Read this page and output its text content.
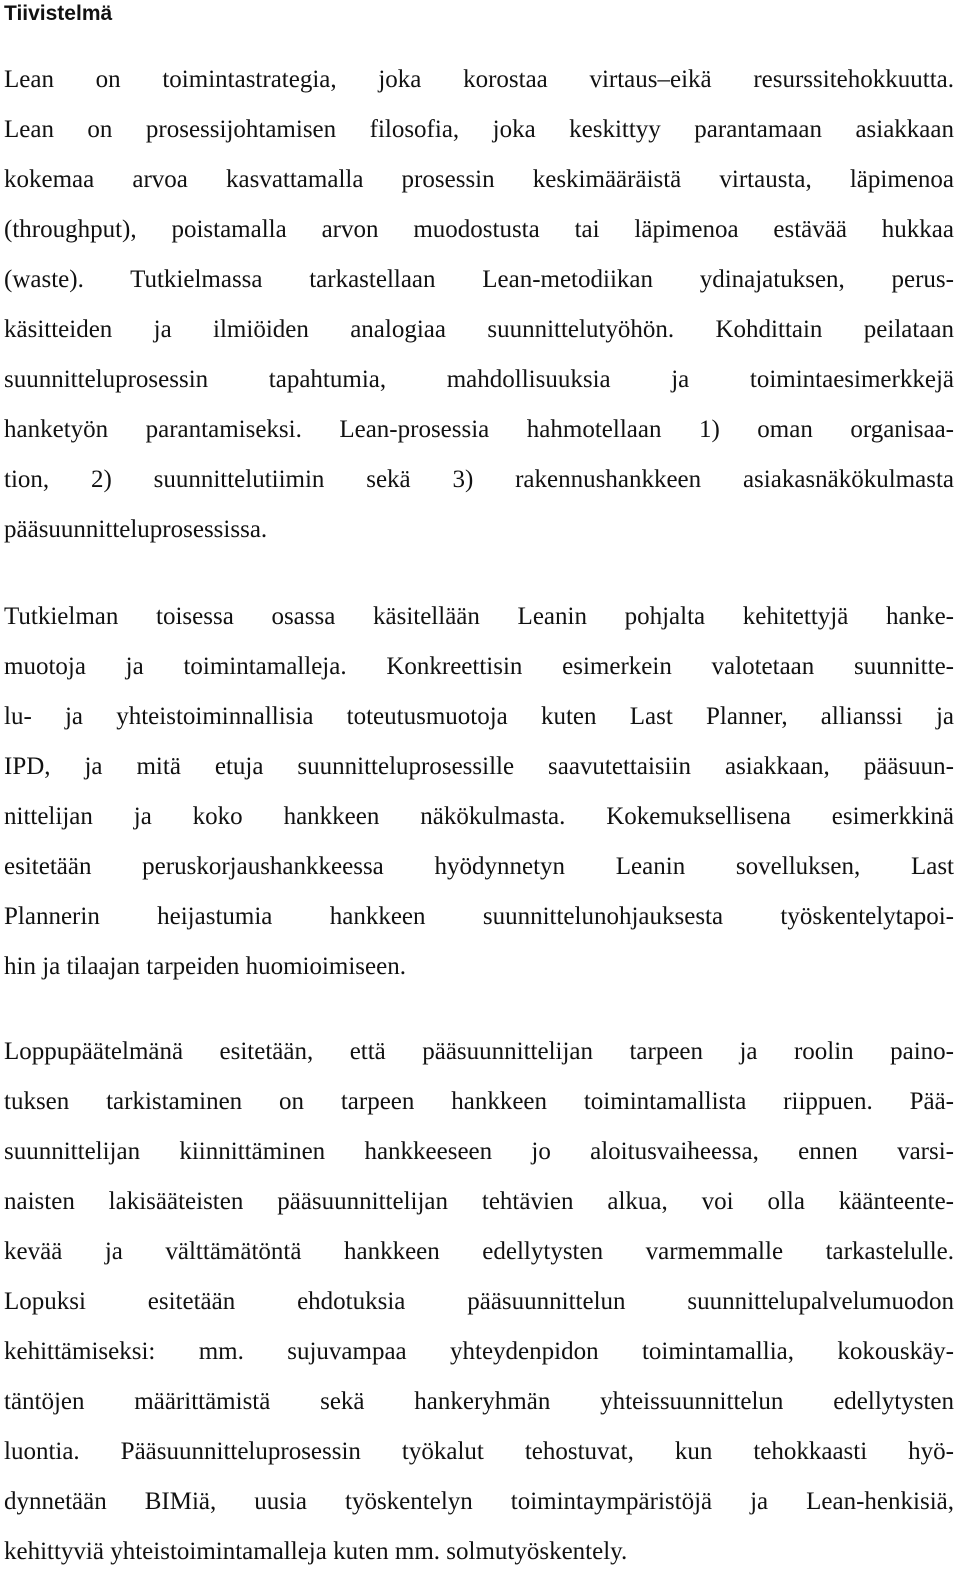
Tiivistelmä
Lean on toimintastrategia, joka korostaa virtaus–eikä resurssitehokkuutta.
Lean on prosessijohtamisen filosofia, joka keskittyy parantamaan asiakkaan
kokemaa arvoa kasvattamalla prosessin keskimääräistä virtausta, läpimenoa
(throughput), poistamalla arvon muodostusta tai läpimenoa estävää hukkaa
(waste). Tutkielmassa tarkastellaan Lean-metodiikan ydinajatuksen, perus-
käsitteiden ja ilmiöiden analogiaa suunnittelutyöhön. Kohdittain peilataan
suunnitteluprosessin tapahtumia, mahdollisuuksia ja toimintaesimerkkejä
hanketyön parantamiseksi. Lean-prosessia hahmotellaan 1) oman organisaa-
tion, 2) suunnittelutiimin sekä 3) rakennushankkeen asiakasnäkökulmasta
pääsuunnitteluprosessissa.
Tutkielman toisessa osassa käsitellään Leanin pohjalta kehitettyjä hanke-
muotoja ja toimintamalleja. Konkreettisin esimerkein valotetaan suunnitte-
lu- ja yhteistoiminnallisia toteutusmuotoja kuten Last Planner, allianssi ja
IPD, ja mitä etuja suunnitteluprosessille saavutettaisiin asiakkaan, pääsuun-
nittelijan ja koko hankkeen näkökulmasta. Kokemuksellisena esimerkkinä
esitetään peruskorjaushankkeessa hyödynnetyn Leanin sovelluksen, Last
Plannerin heijastumia hankkeen suunnittelunohjauksesta työskentelytapoi-
hin ja tilaajan tarpeiden huomioimiseen.
Loppupäätelmänä esitetään, että pääsuunnittelijan tarpeen ja roolin paino-
tuksen tarkistaminen on tarpeen hankkeen toimintamallista riippuen. Pää-
suunnittelijan kiinnittäminen hankkeeseen jo aloitusvaiheessa, ennen varsi-
naisten lakisääteisten pääsuunnittelijan tehtävien alkua, voi olla käänteente-
kevää ja välttämätöntä hankkeen edellytysten varmemmalle tarkastelulle.
Lopuksi esitetään ehdotuksia pääsuunnittelun suunnittelupalvelumuodon
kehittämiseksi: mm. sujuvampaa yhteydenpidon toimintamallia, kokouskäy-
täntöjen määrittämistä sekä hankeryhmän yhteissuunnittelun edellytysten
luontia. Pääsuunnitteluprosessin työkalut tehostuvat, kun tehokkaasti hyö-
dynnetään BIMiä, uusia työskentelyn toimintaympäristöjä ja Lean-henkisiä,
kehittyviä yhteistoimintamalleja kuten mm. solmutyöskentely.
